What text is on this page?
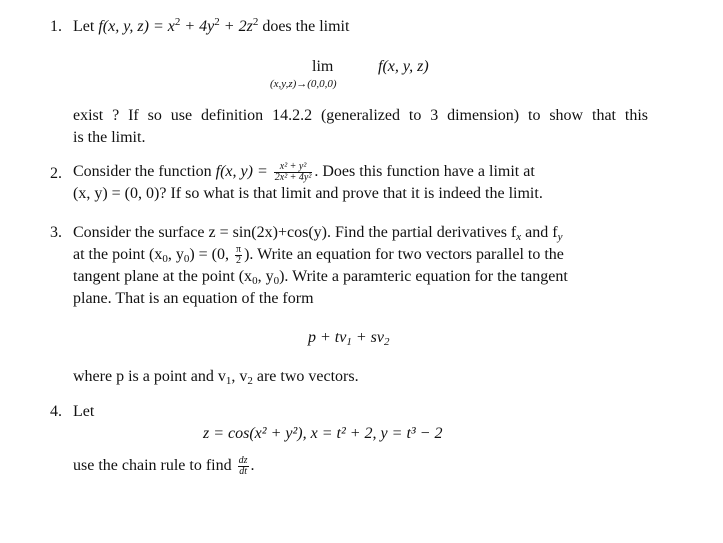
1. Let f(x, y, $z) = x^2 + 4y^2 + 2z^2$ does the limit
lim
(x,y,z)→(0,0,0)
f(x, y, z)
exist ? If so use definition 14.2.2 (generalized to 3 dimension) to show that this
is the limit.
2. Consider the function f(x, $y) = \frac{\text{x² + y²}}{\text{2x² + 4y²}}$ . Does this function have a limit at
(x, y) = (0, 0)? If so what is that limit and prove that it is indeed the limit.
3. Consider the surface z = sin(2x)+cos(y). Find the partial derivatives $f_x$ and $f_y$
at the point ($x_0$, $y_0) = (0$, $\frac{\pi}{2}$ ). Write an equation for two vectors parallel to the
tangent plane at the point ($x_0$, $y_0$). Write a paramteric equation for the tangent
plane. That is an equation of the form
$p + tv_1 + sv_2$
where p is a point and $v_1$, $v_2$ are two vectors.
4. Let
z = cos(x² + y²), x = t² + 2, y = t³ − 2
use the chain rule to find $\frac{dz}{dt}$ .
